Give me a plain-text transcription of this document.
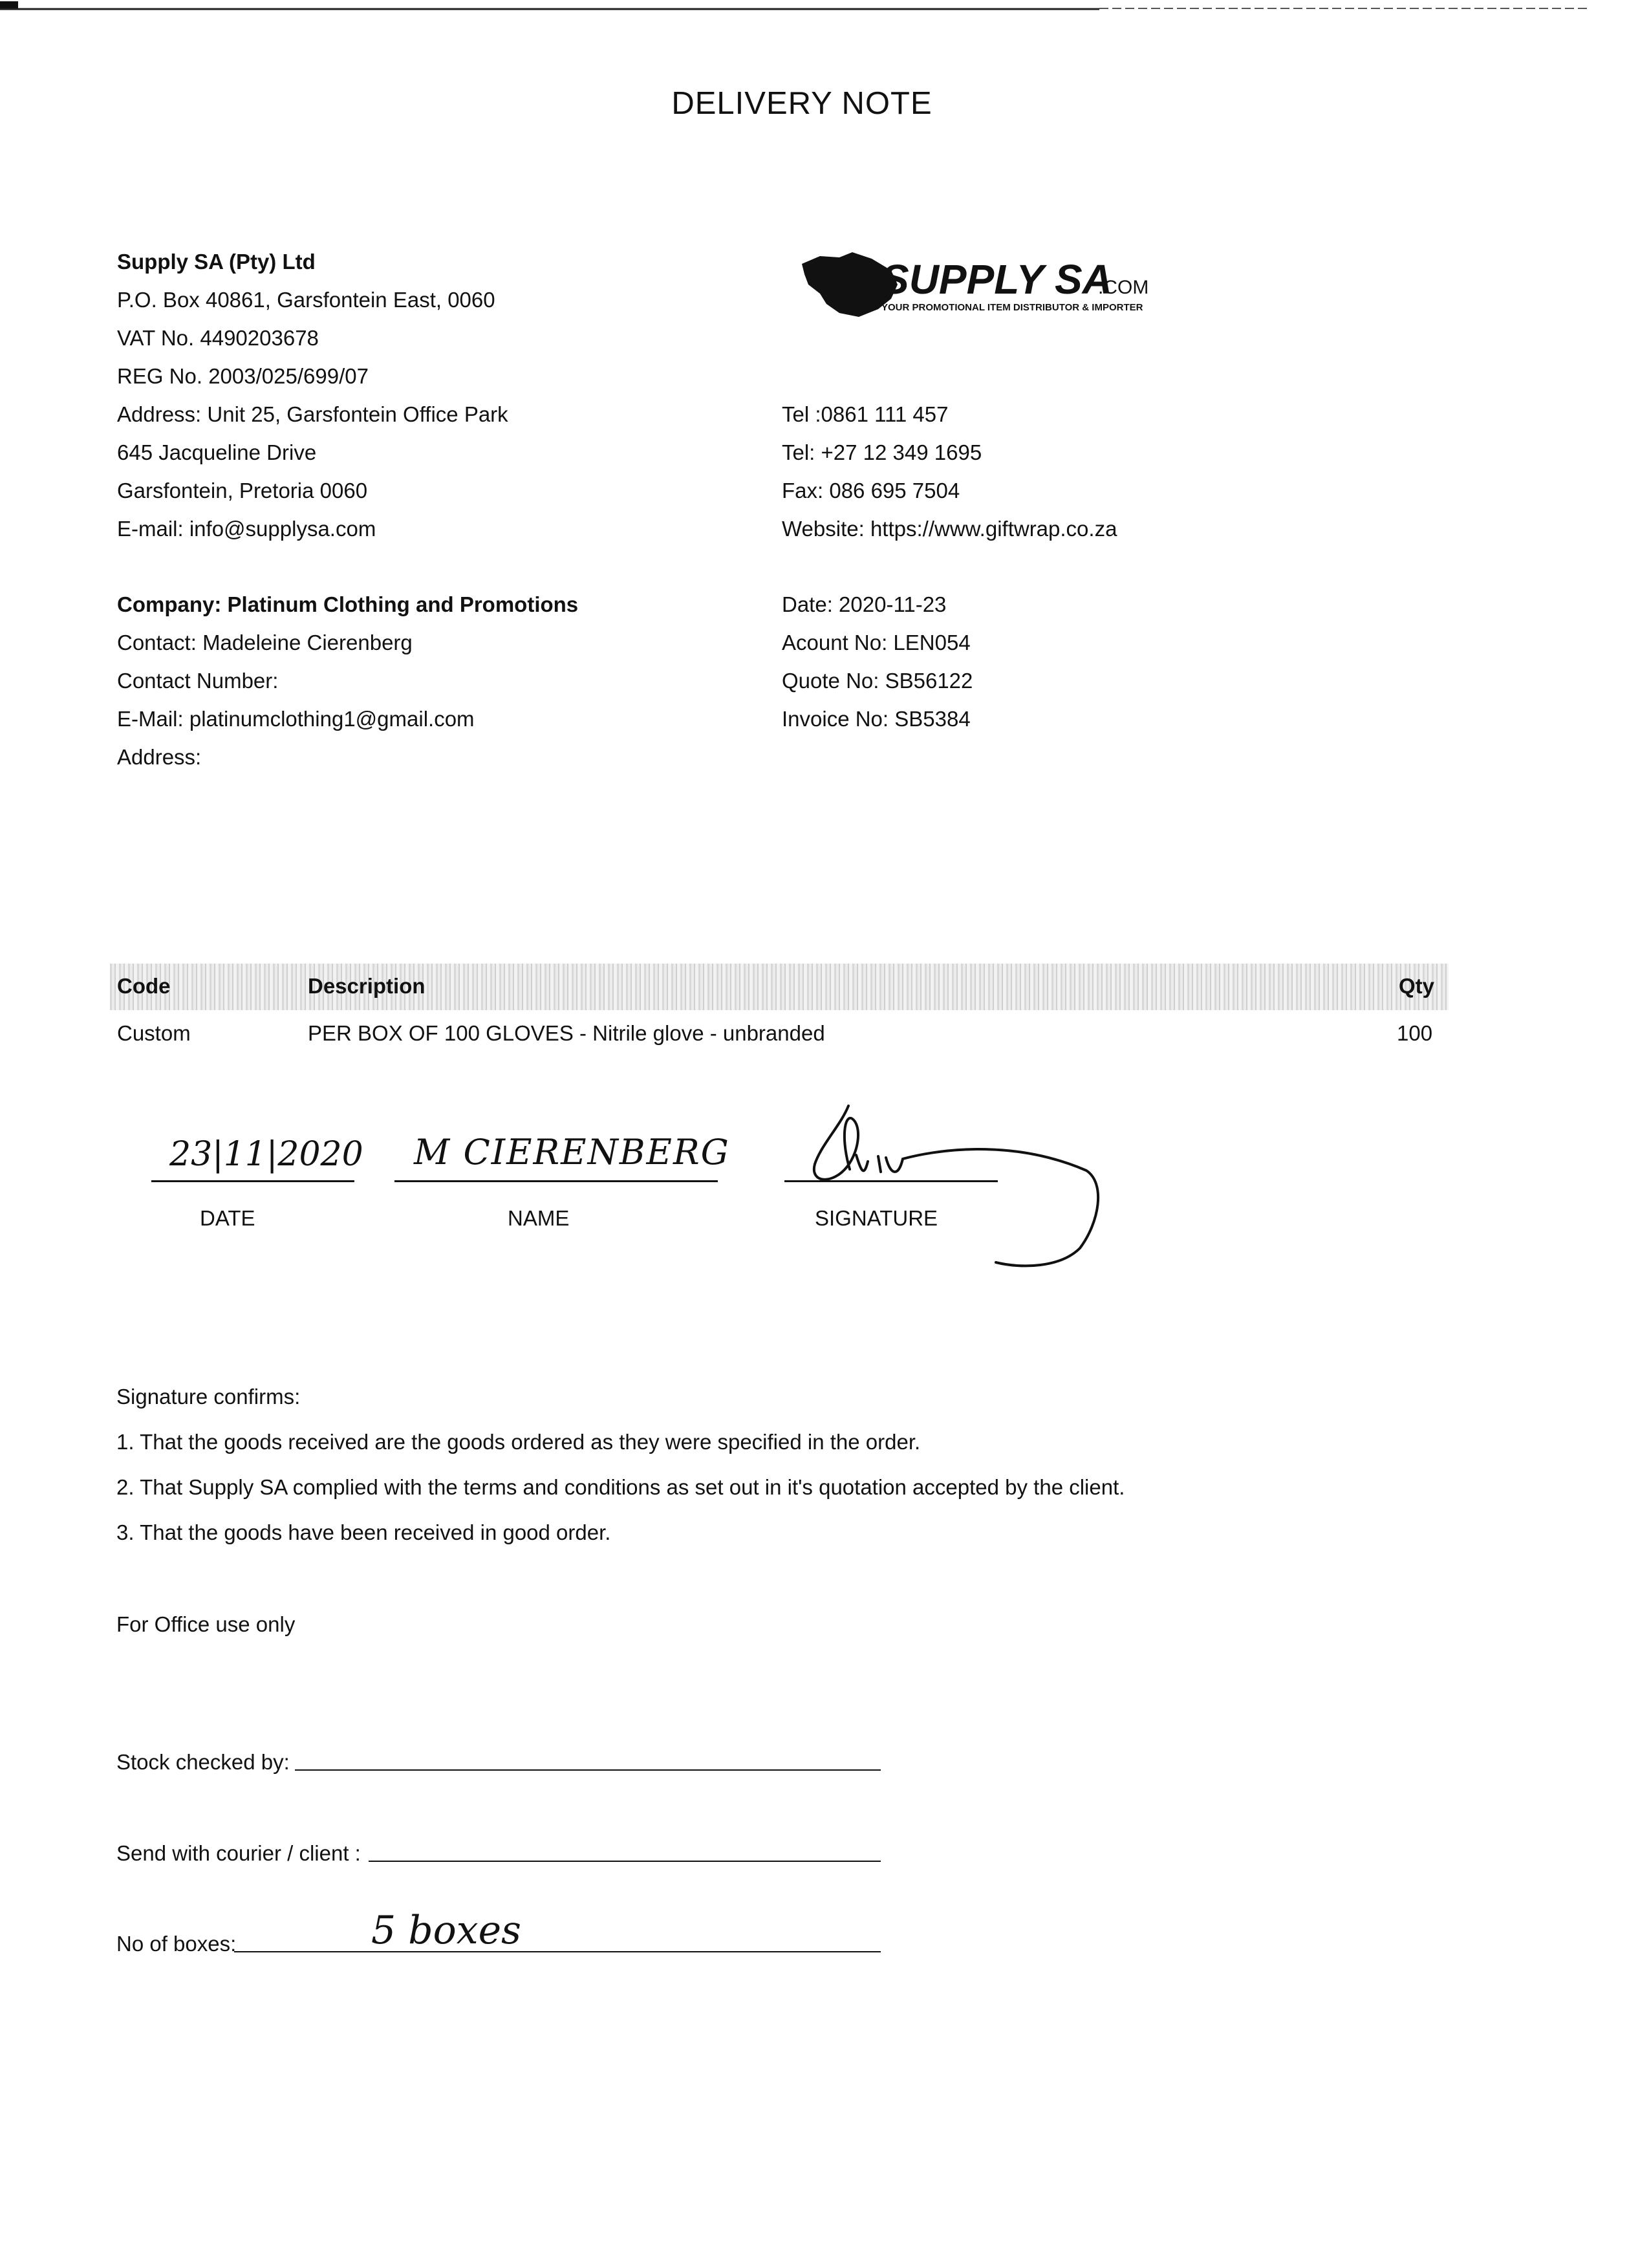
DELIVERY NOTE
Supply SA (Pty) Ltd
P.O. Box 40861, Garsfontein East, 0060
VAT No. 4490203678
REG No. 2003/025/699/07
Address: Unit 25, Garsfontein Office Park
645 Jacqueline Drive
Garsfontein, Pretoria 0060
E-mail: info@supplysa.com
SUPPLY SA
.COM
YOUR PROMOTIONAL ITEM DISTRIBUTOR & IMPORTER
Tel :0861 111 457
Tel: +27 12 349 1695
Fax: 086 695 7504
Website: https://www.giftwrap.co.za
Company: Platinum Clothing and Promotions
Contact: Madeleine Cierenberg
Contact Number:
E-Mail: platinumclothing1@gmail.com
Address:
Date: 2020-11-23
Acount No: LEN054
Quote No: SB56122
Invoice No: SB5384
Code	Description	Qty
Custom	PER BOX OF 100 GLOVES - Nitrile glove - unbranded	100
23|11|2020 M CIERENBERG
DATE	NAME	SIGNATURE
Signature confirms:
1. That the goods received are the goods ordered as they were specified in the order.
2. That Supply SA complied with the terms and conditions as set out in it's quotation accepted by the client.
3. That the goods have been received in good order.
For Office use only
Stock checked by:
Send with courier / client :
No of boxes:	5 boxes
